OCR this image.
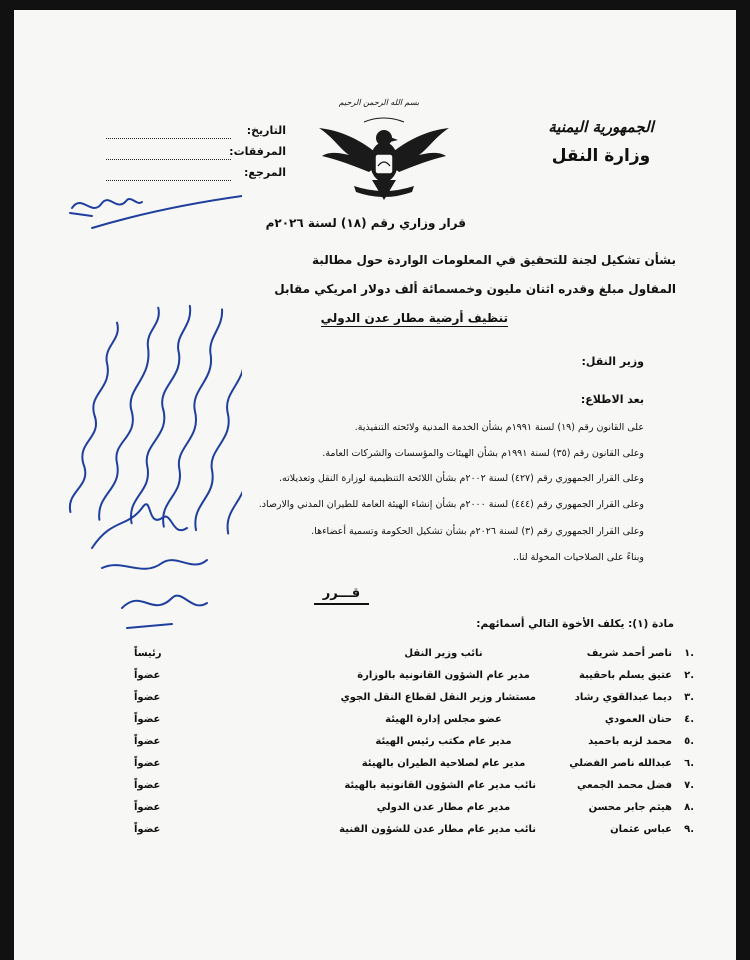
الجمهورية اليمنية
وزارة النقل
بسم الله الرحمن الرحيم
التاريخ:
المرفقات:
المرجع:
قرار وزاري رقم (١٨) لسنة ٢٠٢٦م
بشأن تشكيل لجنة للتحقيق في المعلومات الواردة حول مطالبة
المقاول مبلغ وقدره اثنان مليون وخمسمائة ألف دولار امريكي مقابل
تنظيف أرضية مطار عدن الدولي
وزير النقل:
بعد الاطلاع:
على القانون رقم (١٩) لسنة ١٩٩١م بشأن الخدمة المدنية ولائحته التنفيذية.
وعلى القانون رقم (٣٥) لسنة ١٩٩١م بشأن الهيئات والمؤسسات والشركات العامة.
وعلى القرار الجمهوري رقم (٤٢٧) لسنة ٢٠٠٢م بشأن اللائحة التنظيمية لوزارة النقل وتعديلاته.
وعلى القرار الجمهوري رقم (٤٤٤) لسنة ٢٠٠٠م بشأن إنشاء الهيئة العامة للطيران المدني والارصاد.
وعلى القرار الجمهوري رقم (٣) لسنة ٢٠٢٦م بشأن تشكيل الحكومة وتسمية أعضاءها.
وبناءً على الصلاحيات المخولة لنا..
قـــرر
مادة (١): يكلف الأخوة التالي أسمائهم:
.١
ناصر أحمد شريف
نائب وزير النقل
رئيساً
.٢
عتيق يسلم باحقيبة
مدير عام الشؤون القانونية بالوزارة
عضواً
.٣
ديما عبدالقوي رشاد
مستشار وزير النقل لقطاع النقل الجوي
عضواً
.٤
حنان العمودي
عضو مجلس إدارة الهيئة
عضواً
.٥
محمد لزبه باحميد
مدير عام مكتب رئيس الهيئة
عضواً
.٦
عبدالله ناصر الفضلي
مدير عام لصلاحية الطيران بالهيئة
عضواً
.٧
فضل محمد الجمعي
نائب مدير عام الشؤون القانونية بالهيئة
عضواً
.٨
هيثم جابر محسن
مدير عام مطار عدن الدولي
عضواً
.٩
عباس عثمان
نائب مدير عام مطار عدن للشؤون الفنية
عضواً
